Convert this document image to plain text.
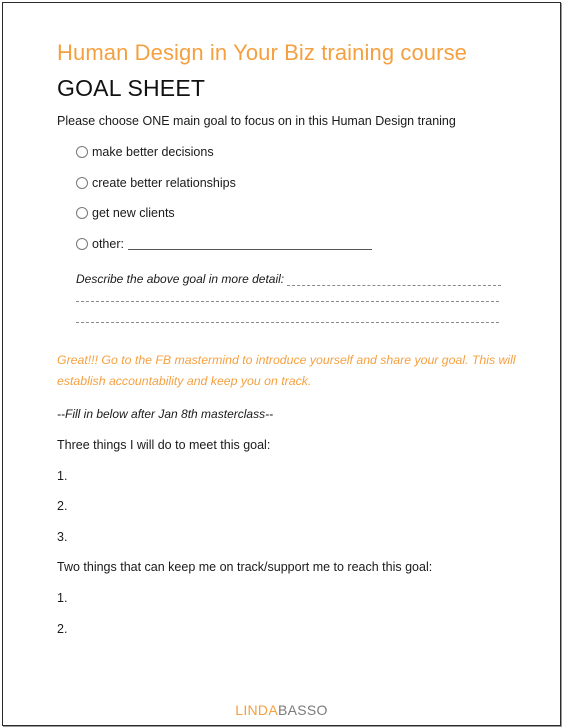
Human Design in Your Biz training course
GOAL SHEET
Please choose ONE main goal to focus on in this Human Design traning
make better decisions
create better relationships
get new clients
other:
Describe the above goal in more detail:
Great!!! Go to the FB mastermind to introduce yourself and share your goal. This will establish accountability and keep you on track.
--Fill in below after Jan 8th masterclass--
Three things I will do to meet this goal:
1.
2.
3.
Two things that can keep me on track/support me to reach this goal:
1.
2.
LINDABASSO
